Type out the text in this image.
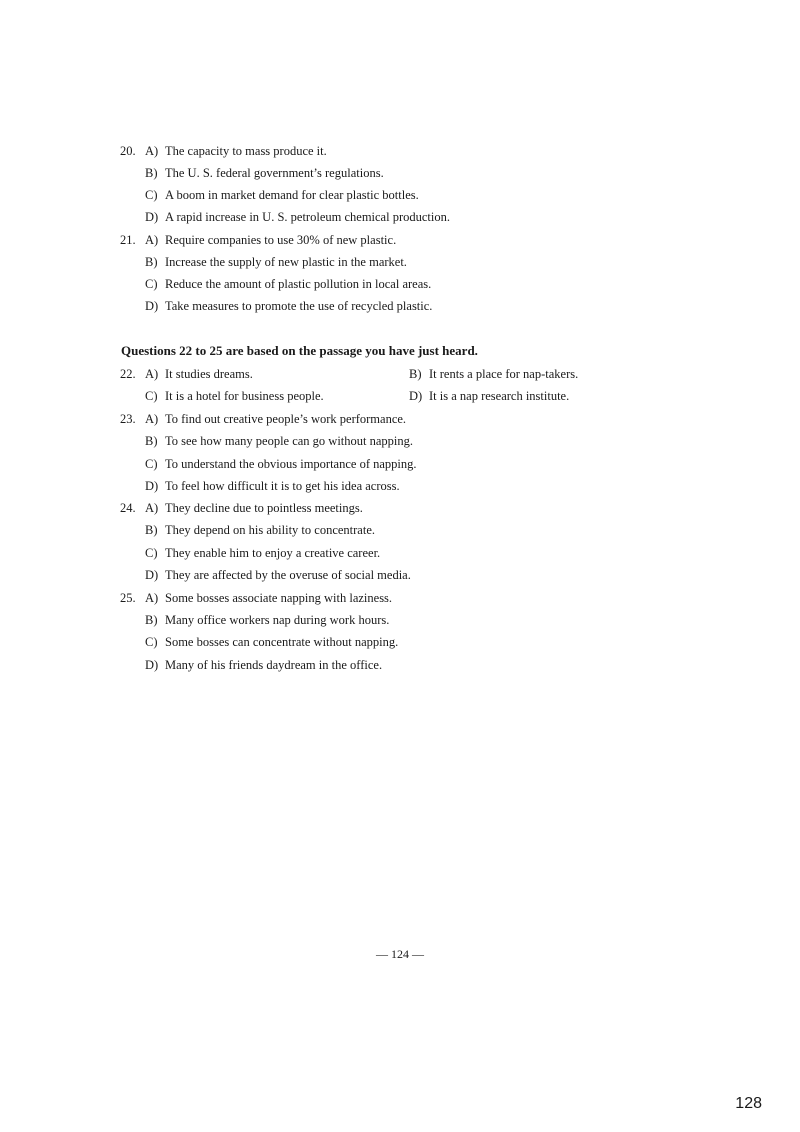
20. A) The capacity to mass produce it.
B) The U. S. federal government’s regulations.
C) A boom in market demand for clear plastic bottles.
D) A rapid increase in U. S. petroleum chemical production.
21. A) Require companies to use 30% of new plastic.
B) Increase the supply of new plastic in the market.
C) Reduce the amount of plastic pollution in local areas.
D) Take measures to promote the use of recycled plastic.
Questions 22 to 25 are based on the passage you have just heard.
22. A) It studies dreams.	B) It rents a place for nap-takers.
C) It is a hotel for business people.	D) It is a nap research institute.
23. A) To find out creative people’s work performance.
B) To see how many people can go without napping.
C) To understand the obvious importance of napping.
D) To feel how difficult it is to get his idea across.
24. A) They decline due to pointless meetings.
B) They depend on his ability to concentrate.
C) They enable him to enjoy a creative career.
D) They are affected by the overuse of social media.
25. A) Some bosses associate napping with laziness.
B) Many office workers nap during work hours.
C) Some bosses can concentrate without napping.
D) Many of his friends daydream in the office.
— 124 —
128
